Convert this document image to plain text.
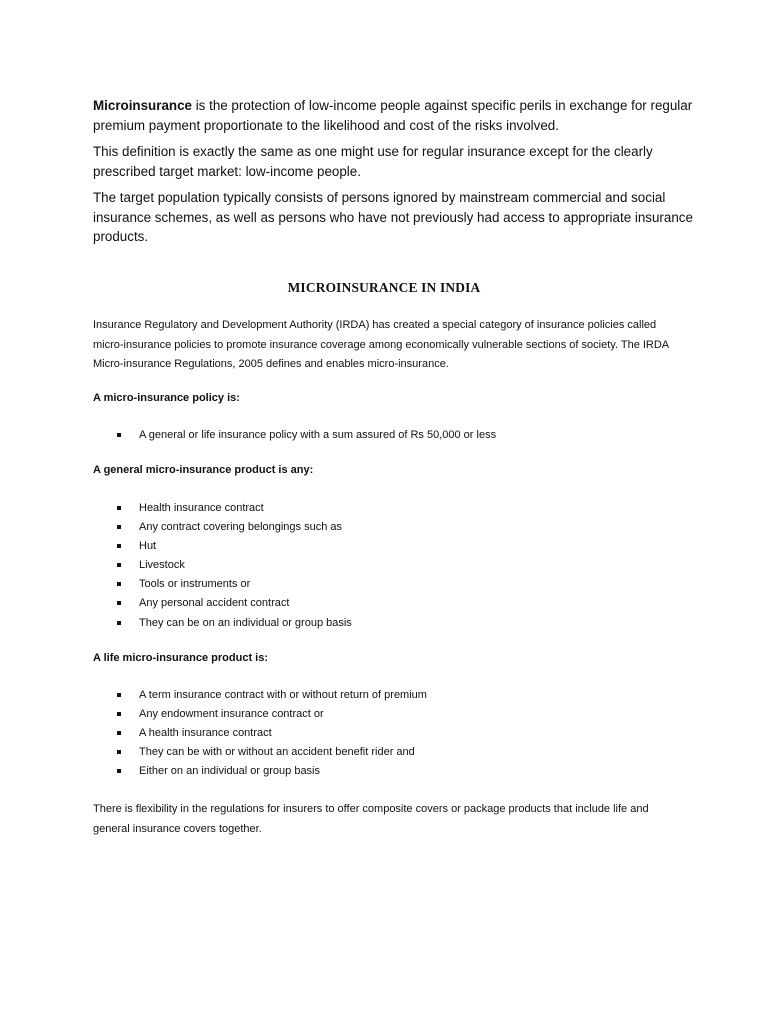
Microinsurance is the protection of low-income people against specific perils in exchange for regular premium payment proportionate to the likelihood and cost of the risks involved.

This definition is exactly the same as one might use for regular insurance except for the clearly prescribed target market: low-income people.

The target population typically consists of persons ignored by mainstream commercial and social insurance schemes, as well as persons who have not previously had access to appropriate insurance products.

MICROINSURANCE IN INDIA

Insurance Regulatory and Development Authority (IRDA) has created a special category of insurance policies called micro-insurance policies to promote insurance coverage among economically vulnerable sections of society. The IRDA Micro-insurance Regulations, 2005 defines and enables micro-insurance.

A micro-insurance policy is:

A general or life insurance policy with a sum assured of Rs 50,000 or less

A general micro-insurance product is any:

Health insurance contract
Any contract covering belongings such as
Hut
Livestock
Tools or instruments or
Any personal accident contract
They can be on an individual or group basis

A life micro-insurance product is:

A term insurance contract with or without return of premium
Any endowment insurance contract or
A health insurance contract
They can be with or without an accident benefit rider and
Either on an individual or group basis

There is flexibility in the regulations for insurers to offer composite covers or package products that include life and general insurance covers together.
